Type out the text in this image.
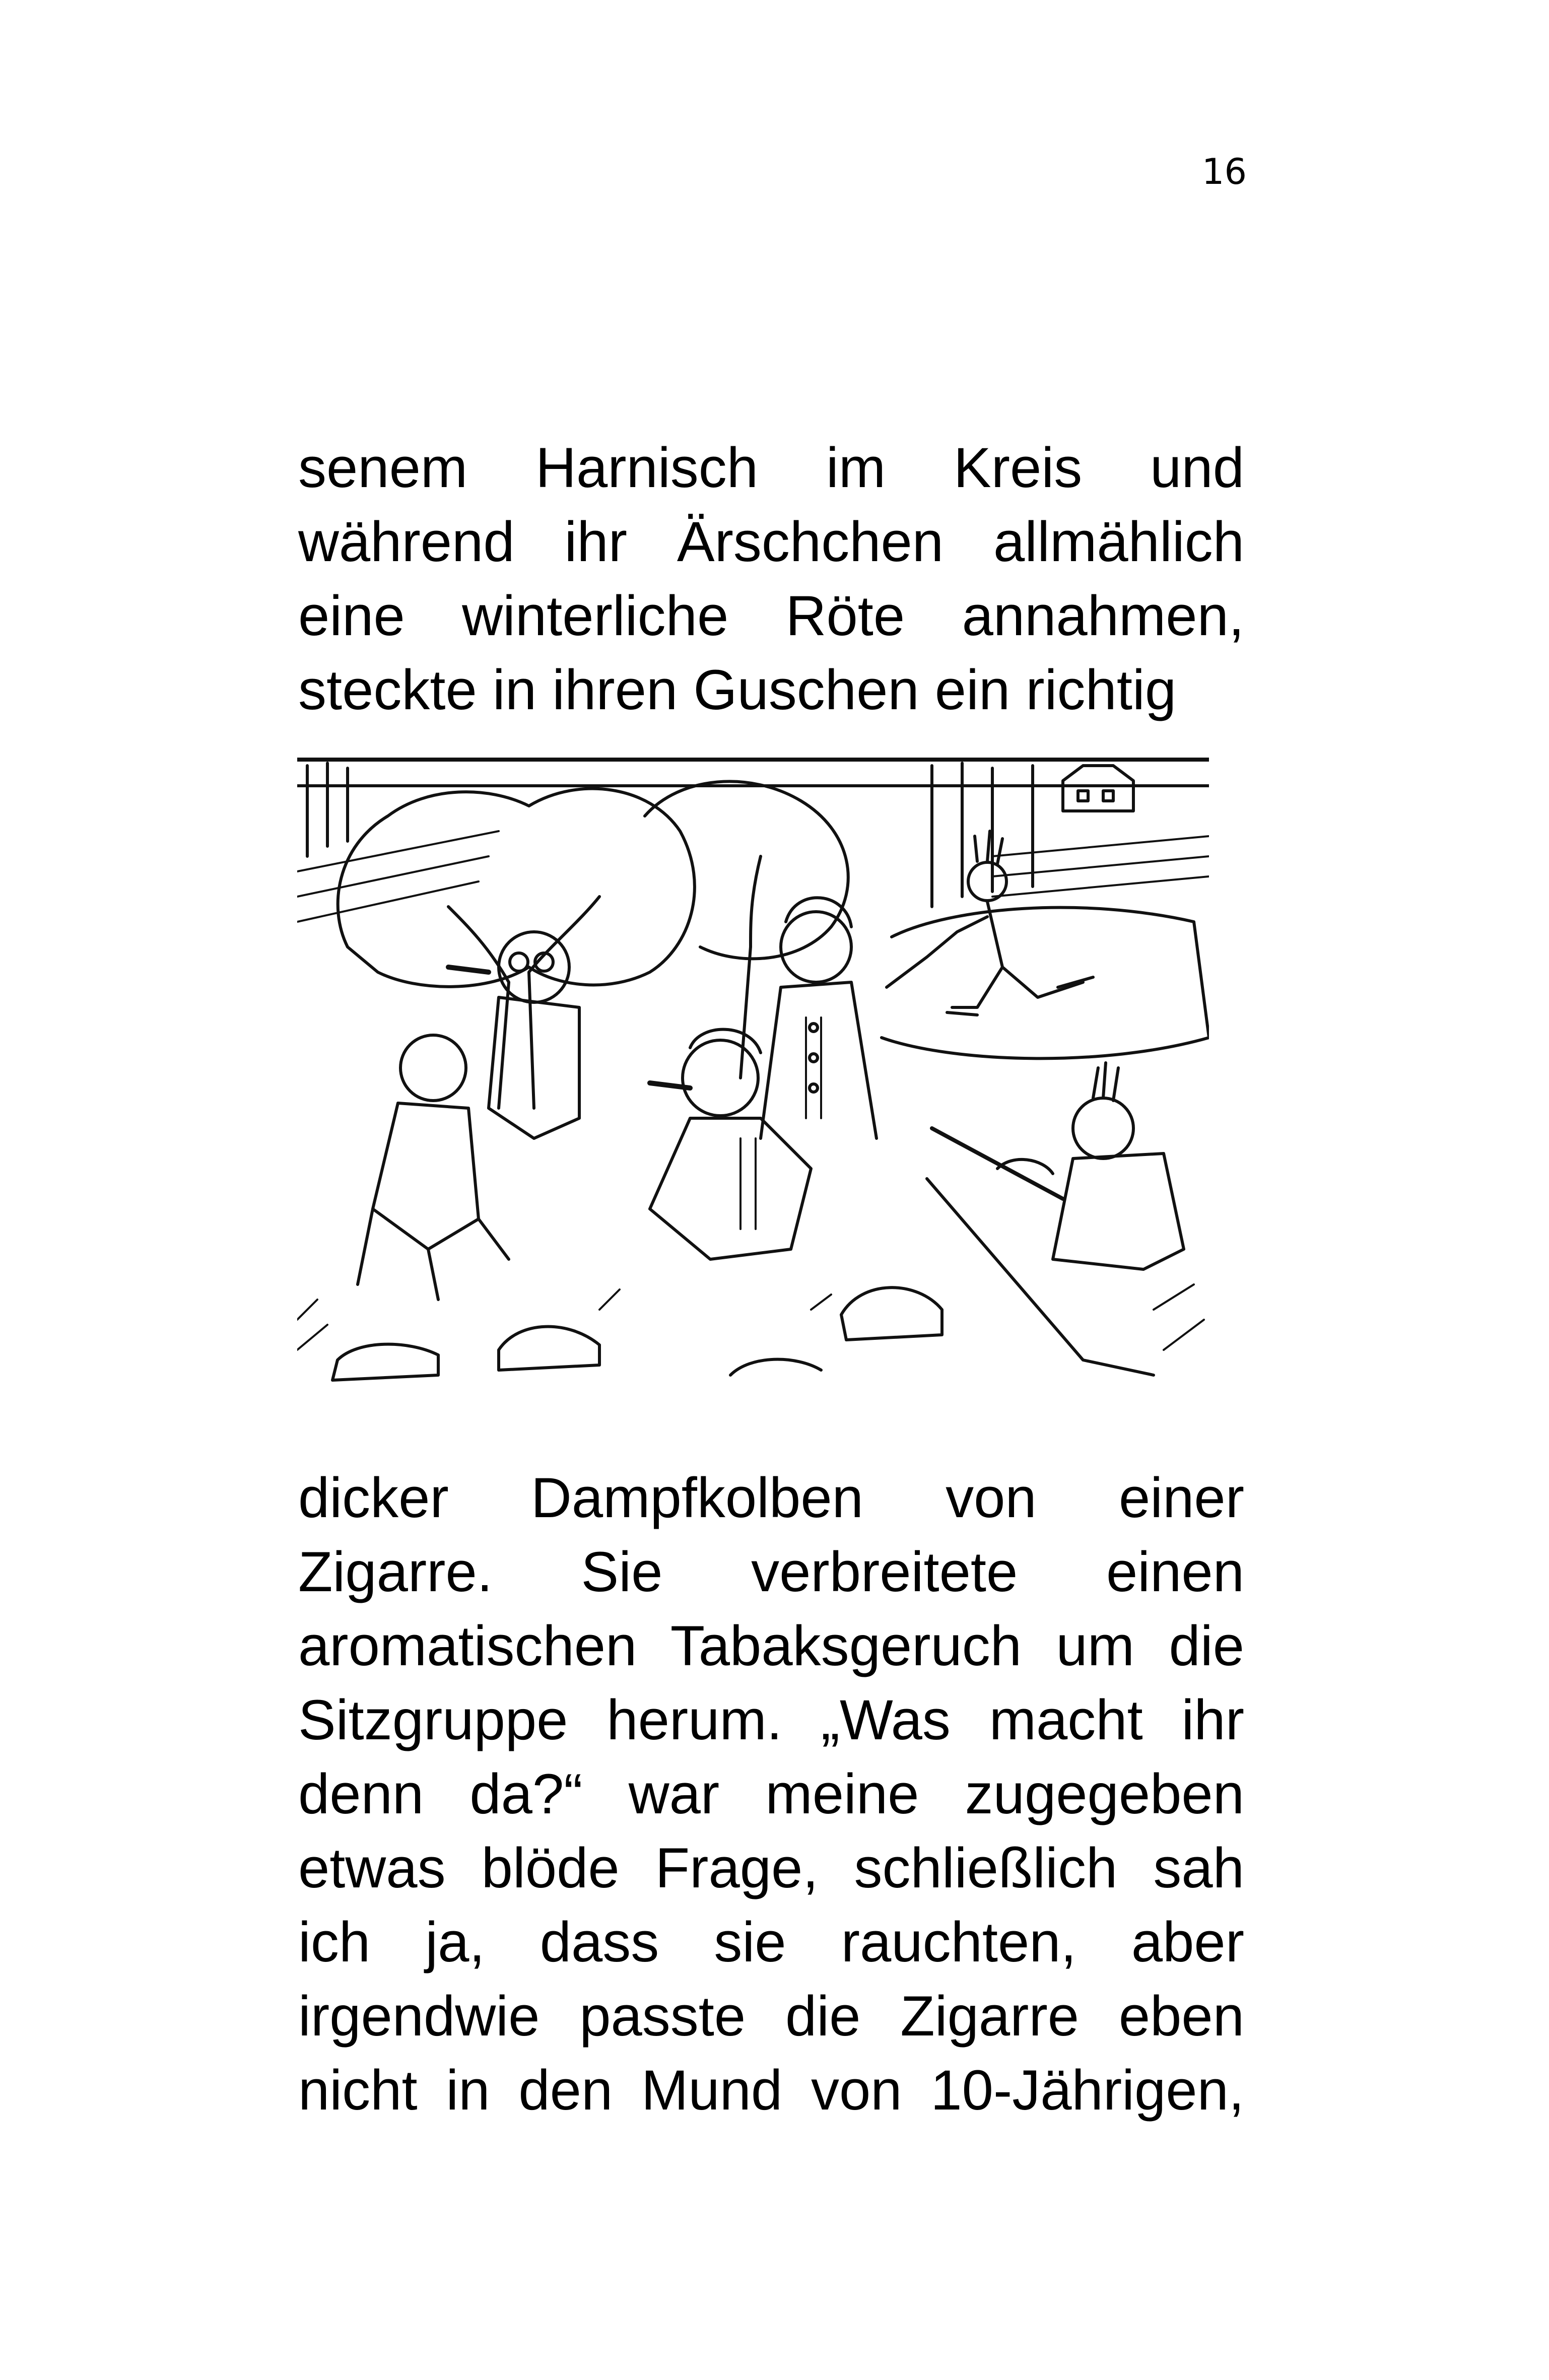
16

senem Harnisch im Kreis und
während ihr Ärschchen allmählich
eine winterliche Röte annahmen,
steckte in ihren Guschen ein richtig

dicker Dampfkolben von einer
Zigarre. Sie verbreitete einen
aromatischen Tabaksgeruch um die
Sitzgruppe herum. „Was macht ihr
denn da?“ war meine zugegeben
etwas blöde Frage, schließlich sah
ich ja, dass sie rauchten, aber
irgendwie passte die Zigarre eben
nicht in den Mund von 10-Jährigen,
